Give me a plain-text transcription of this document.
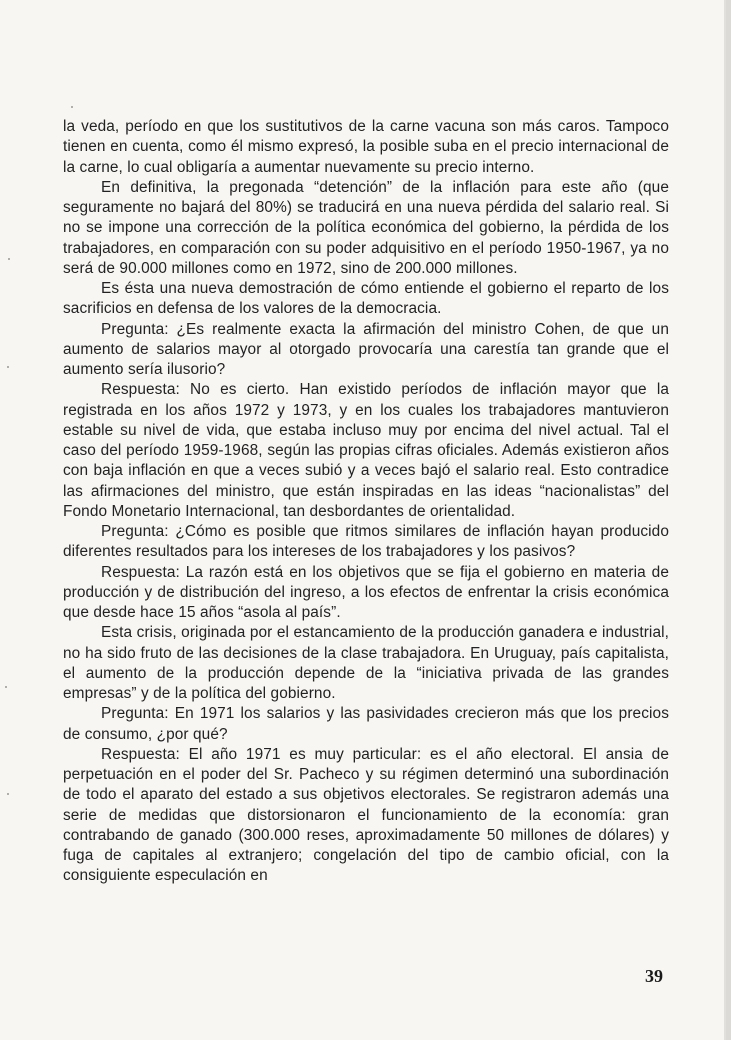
la veda, período en que los sustitutivos de la carne vacuna son más caros. Tampoco tienen en cuenta, como él mismo expresó, la posible suba en el precio internacional de la carne, lo cual obligaría a aumentar nuevamente su precio interno.

En definitiva, la pregonada “detención” de la inflación para este año (que seguramente no bajará del 80%) se traducirá en una nueva pérdida del salario real. Si no se impone una corrección de la política económica del gobierno, la pérdida de los trabajadores, en comparación con su poder adquisitivo en el período 1950-1967, ya no será de 90.000 millones como en 1972, sino de 200.000 millones.

Es ésta una nueva demostración de cómo entiende el gobierno el reparto de los sacrificios en defensa de los valores de la democracia.

Pregunta: ¿Es realmente exacta la afirmación del ministro Cohen, de que un aumento de salarios mayor al otorgado provocaría una carestía tan grande que el aumento sería ilusorio?

Respuesta: No es cierto. Han existido períodos de inflación mayor que la registrada en los años 1972 y 1973, y en los cuales los trabajadores mantuvieron estable su nivel de vida, que estaba incluso muy por encima del nivel actual. Tal el caso del período 1959-1968, según las propias cifras oficiales. Además existieron años con baja inflación en que a veces subió y a veces bajó el salario real. Esto contradice las afirmaciones del ministro, que están inspiradas en las ideas “nacionalistas” del Fondo Monetario Internacional, tan desbordantes de orientalidad.

Pregunta: ¿Cómo es posible que ritmos similares de inflación hayan producido diferentes resultados para los intereses de los trabajadores y los pasivos?

Respuesta: La razón está en los objetivos que se fija el gobierno en materia de producción y de distribución del ingreso, a los efectos de enfrentar la crisis económica que desde hace 15 años “asola al país”.

Esta crisis, originada por el estancamiento de la producción ganadera e industrial, no ha sido fruto de las decisiones de la clase trabajadora. En Uruguay, país capitalista, el aumento de la producción depende de la “iniciativa privada de las grandes empresas” y de la política del gobierno.

Pregunta: En 1971 los salarios y las pasividades crecieron más que los precios de consumo, ¿por qué?

Respuesta: El año 1971 es muy particular: es el año electoral. El ansia de perpetuación en el poder del Sr. Pacheco y su régimen determinó una subordinación de todo el aparato del estado a sus objetivos electorales. Se registraron además una serie de medidas que distorsionaron el funcionamiento de la economía: gran contrabando de ganado (300.000 reses, aproximadamente 50 millones de dólares) y fuga de capitales al extranjero; congelación del tipo de cambio oficial, con la consiguiente especulación en

39
